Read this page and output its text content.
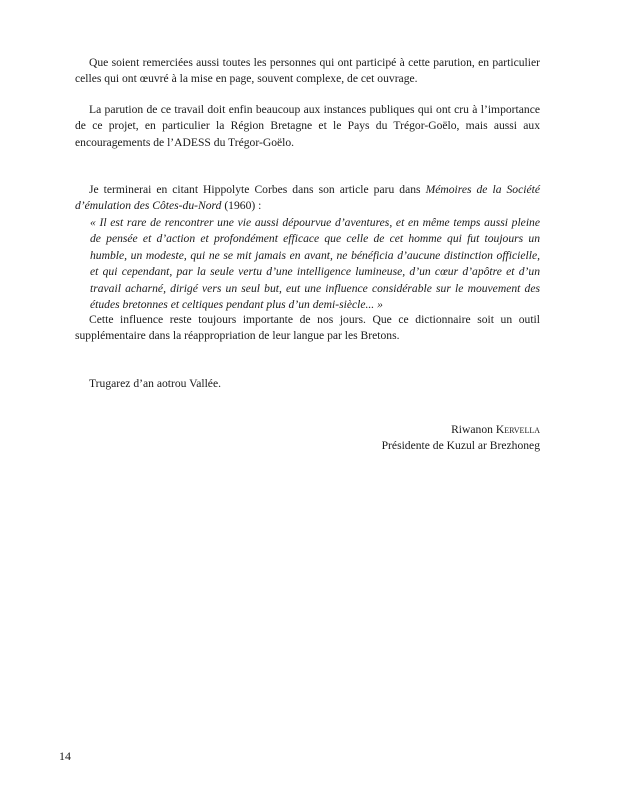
Que soient remerciées aussi toutes les personnes qui ont participé à cette parution, en particulier celles qui ont œuvré à la mise en page, souvent complexe, de cet ouvrage.

La parution de ce travail doit enfin beaucoup aux instances publiques qui ont cru à l’importance de ce projet, en particulier la Région Bretagne et le Pays du Trégor-Goëlo, mais aussi aux encouragements de l’ADESS du Trégor-Goëlo.

Je terminerai en citant Hippolyte Corbes dans son article paru dans Mémoires de la Société d’émulation des Côtes-du-Nord (1960) :

« Il est rare de rencontrer une vie aussi dépourvue d’aventures, et en même temps aussi pleine de pensée et d’action et profondément efficace que celle de cet homme qui fut toujours un humble, un modeste, qui ne se mit jamais en avant, ne bénéficia d’aucune distinction officielle, et qui cependant, par la seule vertu d’une intelligence lumineuse, d’un cœur d’apôtre et d’un travail acharné, dirigé vers un seul but, eut une influence considérable sur le mouvement des études bretonnes et celtiques pendant plus d’un demi-siècle... »

Cette influence reste toujours importante de nos jours. Que ce dictionnaire soit un outil supplémentaire dans la réappropriation de leur langue par les Bretons.

Trugarez d’an aotrou Vallée.

Riwanon Kervella
Présidente de Kuzul ar Brezhoneg
14
